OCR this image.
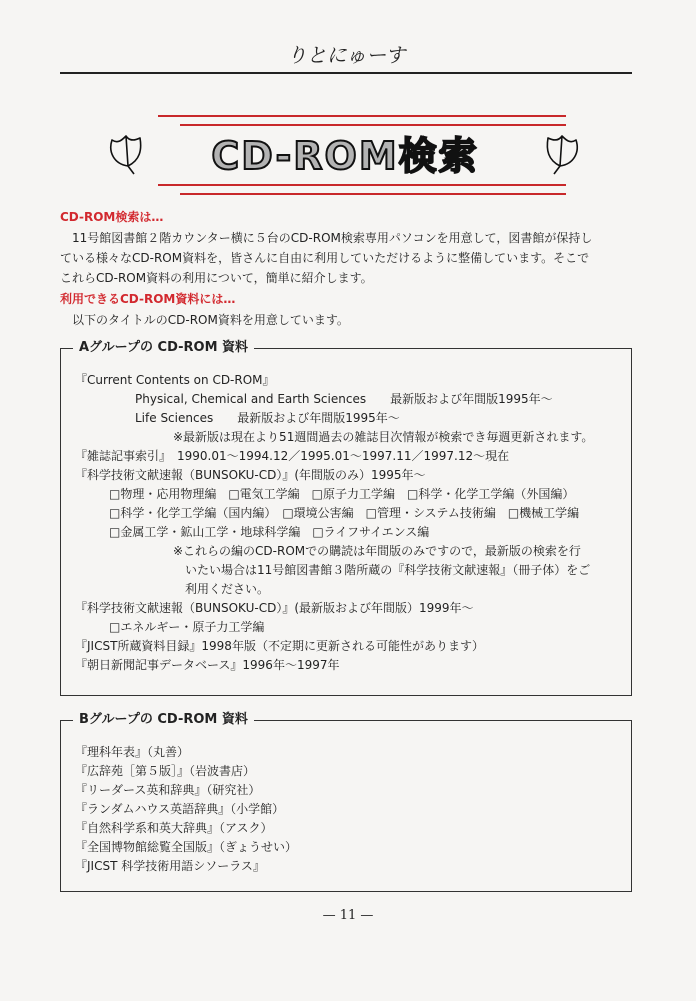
りとにゅーす
CD-ROM検索
CD-ROM検索は…
11号館図書館２階カウンター横に５台のCD-ROM検索専用パソコンを用意して，図書館が保持し
ている様々なCD-ROM資料を，皆さんに自由に利用していただけるように整備しています。そこで
これらCD-ROM資料の利用について，簡単に紹介します。
利用できるCD-ROM資料には…
以下のタイトルのCD-ROM資料を用意しています。
Aグループの CD-ROM 資料
『Current Contents on CD-ROM』
Physical, Chemical and Earth Sciences　　最新版および年間版1995年～
Life Sciences　　最新版および年間版1995年～
※最新版は現在より51週間過去の雑誌目次情報が検索でき毎週更新されます。
『雑誌記事索引』　1990.01～1994.12／1995.01～1997.11／1997.12～現在
『科学技術文献速報（BUNSOKU-CD）』(年間版のみ）1995年～
□物理・応用物理編　□電気工学編　□原子力工学編　□科学・化学工学編（外国編）
□科学・化学工学編（国内編）　□環境公害編　□管理・システム技術編　□機械工学編
□金属工学・鉱山工学・地球科学編　□ライフサイエンス編
※これらの編のCD-ROMでの購読は年間版のみですので，最新版の検索を行
いたい場合は11号館図書館３階所蔵の『科学技術文献速報』（冊子体）をご
利用ください。
『科学技術文献速報（BUNSOKU-CD）』(最新版および年間版）1999年～
□エネルギー・原子力工学編
『JICST所蔵資料目録』1998年版（不定期に更新される可能性があります）
『朝日新聞記事データベース』1996年～1997年
Bグループの CD-ROM 資料
『理科年表』（丸善）
『広辞苑［第５版］』（岩波書店）
『リーダース英和辞典』（研究社）
『ランダムハウス英語辞典』（小学館）
『自然科学系和英大辞典』（アスク）
『全国博物館総覧全国版』（ぎょうせい）
『JICST 科学技術用語シソーラス』
— 11 —
